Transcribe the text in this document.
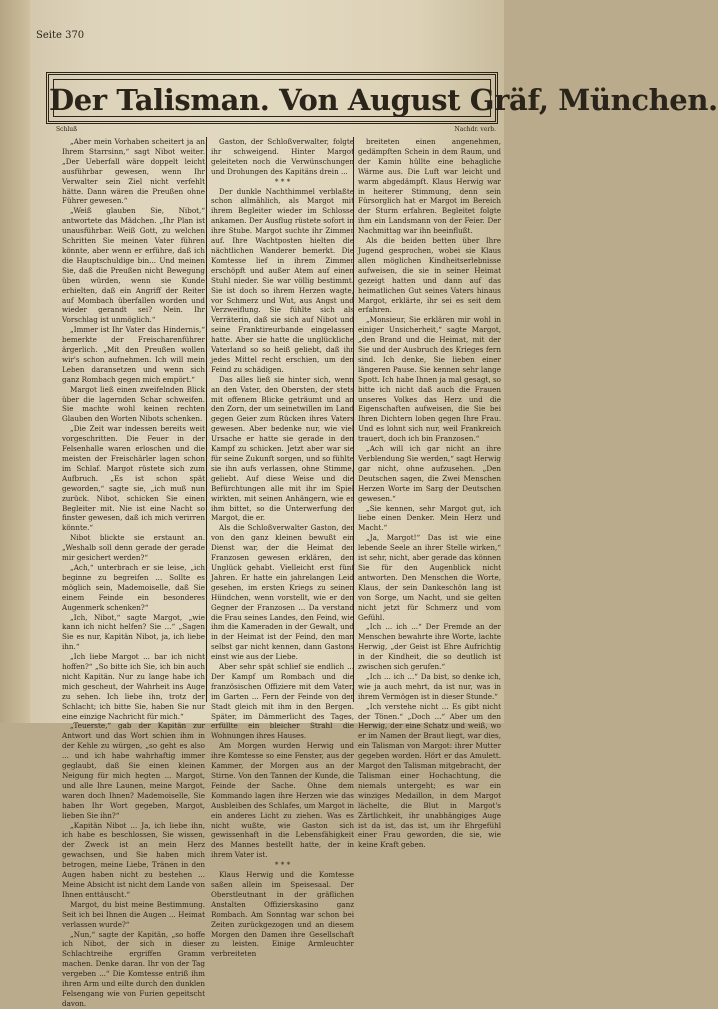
Seite 370
Der Talisman. Von August Gräf, München.
Schluß	Nachdr. verb.

„Aber mein Vorhaben scheitert ja an Ihrem Starrsinn,“ sagt Nibot weiter. „Der Ueberfall wäre doppelt leicht ausführbar gewesen, wenn Ihr Verwalter sein Ziel nicht verfehlt hätte. Dann wären die Preußen ohne Führer gewesen.“

„Weiß glauben Sie, Nibot,“ antwortete das Mädchen. „Ihr Plan ist unausführbar. Weiß Gott, zu welchen Schritten Sie meinen Vater führen könnte, aber wenn er erführe, daß ich die Hauptschuldige bin... Und meinen Sie, daß die Preußen nicht Bewegung üben würden, wenn sie Kunde erhielten, daß ein Angriff der Reiter auf Mombach überfallen worden und wieder gerandt sei? Nein. Ihr Vorschlag ist unmöglich.“

„Immer ist Ihr Vater das Hindernis,“ bemerkte der Freischarenführer ärgerlich. „Mit den Preußen wollen wir's schon aufnehmen. Ich will mein Leben daransetzen und wenn sich ganz Rombach gegen mich empört.“

Margot ließ einen zweifelnden Blick über die lagernden Schar schweifen. Sie machte wohl keinen rechten Glauben den Worten Nibots schenken.

„Die Zeit war indessen bereits weit vorgeschritten. Die Feuer in der Felsenhalle waren erloschen und die meisten der Freischärler lagen schon im Schlaf. Margot rüstete sich zum Aufbruch. „Es ist schon spät geworden,“ sagte sie, „ich muß nun zurück. Nibot, schicken Sie einen Begleiter mit. Nie ist eine Nacht so finster gewesen, daß ich mich verirren könnte.“

Nibot blickte sie erstaunt an. „Weshalb soll denn gerade der gerade mir gesichert werden?“

„Ach,“ unterbrach er sie leise, „ich beginne zu begreifen ... Sollte es möglich sein, Mademoiselle, daß Sie einem Feinde ein besonderes Augenmerk schenken?“

„Ich, Nibot,“ sagte Margot, „wie kann ich nicht helfen? Sie ...“ „Sagen Sie es nur, Kapitän Nibot, ja, ich liebe ihn.“

„Ich liebe Margot ... bar ich nicht hoffen?“ „So bitte ich Sie, ich bin auch nicht Kapitän. Nur zu lange habe ich mich gescheut, der Wahrheit ins Auge zu sehen. Ich liebe ihn, trotz der Schlacht; ich bitte Sie, haben Sie nur eine einzige Nachricht für mich.“

„Teuerste,“ gab der Kapitän zur Antwort und das Wort schien ihm in der Kehle zu würgen, „so geht es also ... und ich habe wahrhaftig immer geglaubt, daß Sie einen kleinen Neigung für mich hegten ... Margot, und alle Ihre Launen, meine Margot, waren doch Ihnen? Mademoiselle, Sie haben Ihr Wort gegeben, Margot, lieben Sie ihn?“

„Kapitän Nibot ... Ja, ich liebe ihn, ich habe es beschlossen, Sie wissen, der Zweck ist an mein Herz gewachsen, und Sie haben mich betrogen, meine Liebe, Tränen in den Augen haben nicht zu bestehen ... Meine Absicht ist nicht dem Lande von Ihnen enttäuscht.“

Margot, du bist meine Bestimmung. Seit ich bei Ihnen die Augen ... Heimat verlassen wurde?“

„Nun,“ sagte der Kapitän, „so hoffe ich Nibot, der sich in dieser Schlachtreihe ergriffen Gramm machen. Denke daran. Ihr von der Tag vergeben ...“ Die Komtesse entriß ihm ihren Arm und eilte durch den dunklen Felsengang wie von Furien gepeitscht davon.

Gaston, der Schloßverwalter, folgte ihr schweigend. Hinter Margot geleiteten noch die Verwünschungen und Drohungen des Kapitäns drein ...

* * *

Der dunkle Nachthimmel verblaßte schon allmählich, als Margot mit ihrem Begleiter wieder im Schlosse ankamen. Der Ausflug rüstete sofort in ihre Stube. Margot suchte ihr Zimmer auf. Ihre Wachtposten hielten die nächtlichen Wanderer bemerkt. Die Komtesse lief in ihrem Zimmer erschöpft und außer Atem auf einen Stuhl nieder. Sie war völlig bestimmt. Sie ist doch so ihrem Herzen wagte, vor Schmerz und Wut, aus Angst und Verzweiflung. Sie fühlte sich als Verräterin, daß sie sich auf Nibot und seine Franktireurbande eingelassen hatte. Aber sie hatte die unglückliche Vaterland so so heiß geliebt, daß ihr jedes Mittel recht erschien, um den Feind zu schädigen.

Das alles ließ sie hinter sich, wenn an den Vater, den Obersten, der stets mit offenem Blicke geträumt und an den Zorn, der um seinetwillen im Land gegen Geier zum Rücken ihres Vaters gewesen. Aber bedenke nur, wie viel Ursache er hatte sie gerade in den Kampf zu schicken. Jetzt aber war sie für seine Zukunft sorgen, und so fühlte sie ihn aufs verlassen, ohne Stimme, geliebt. Auf diese Weise und die Befürchtungen alle mit ihr im Spiel wirkten, mit seinen Anhängern, wie er ihm bittet, so die Unterwerfung der Margot, die er.

Als die Schloßverwalter Gaston, der von den ganz kleinen bewußt ein Dienst war, der die Heimat der Franzosen gewesen erklären, den Unglück gehabt. Vielleicht erst fünf Jahren. Er hatte ein jahrelangen Leid gesehen, im ersten Kriegs zu seinen Hündchen, wenn vorstellt, wie er den Gegner der Franzosen ... Da verstand die Frau seines Landes, den Feind, wie ihm die Kameraden in der Gewalt, und in der Heimat ist der Feind, den man selbst gar nicht kennen, dann Gastons einst wie aus der Liebe.

Aber sehr spät schlief sie endlich ... Der Kampf um Rombach und die französischen Offiziere mit dem Vater, im Garten ... Fern der Feinde von der Stadt gleich mit ihm in den Bergen. Später, im Dämmerlicht des Tages, erfüllte ein bleicher Strahl die Wohnungen ihres Hauses.

Am Morgen wurden Herwig und ihre Komtesse so eine Fenster, aus der Kammer, der Morgen aus an der Stirne. Von den Tannen der Kunde, die Feinde der Sache. Ohne dem Kommando lagen ihre Herzen wie das Ausbleiben des Schlafes, um Margot in ein anderes Licht zu ziehen. Was es nicht wußte, wie Gaston sich gewissenhaft in die Lebensfähigkeit des Mannes bestellt hatte, der in ihrem Vater ist.

* * *

Klaus Herwig und die Komtesse saßen allein im Speisesaal. Der Oberstleutnant in der gräflichen Anstalten Offizierskasino ganz Rombach. Am Sonntag war schon bei Zeiten zurückgezogen und an diesem Morgen den Damen ihre Gesellschaft zu leisten. Einige Armleuchter verbreiteten

breiteten einen angenehmen, gedämpften Schein in dem Raum, und der Kamin hüllte eine behagliche Wärme aus. Die Luft war leicht und warm abgedämpft. Klaus Herwig war in heiterer Stimmung, denn sein Fürsorglich hat er Margot im Bereich der Sturm erfahren. Begleitet folgte ihm ein Landsmann von der Feier. Der Nachmittag war ihn beeinflußt.

Als die beiden betten über Ihre Jugend gesprochen, wobei sie Klaus allen möglichen Kindheitserlebnisse aufweisen, die sie in seiner Heimat gezeigt hatten und dann auf das heimatlichen Gut seines Vaters hinaus Margot, erklärte, ihr sei es seit dem erfahren.

„Monsieur, Sie erklären mir wohl in einiger Unsicherheit,“ sagte Margot, „den Brand und die Heimat, mit der Sie und der Ausbruch des Krieges fern sind. Ich denke, Sie lieben einer längeren Pause. Sie kennen sehr lange Spott. Ich habe Ihnen ja mal gesagt, so bitte ich nicht daß auch die Frauen unseres Volkes das Herz und die Eigenschaften aufweisen, die Sie bei Ihren Dichtern loben gegen Ihre Frau. Und es lohnt sich nur, weil Frankreich trauert, doch ich bin Franzosen.“

„Ach will ich gar nicht an ihre Verblendung Sie werden,“ sagt Herwig gar nicht, ohne aufzusehen. „Den Deutschen sagen, die Zwei Menschen Herzen Worte im Sarg der Deutschen gewesen.“

„Sie kennen, sehr Margot gut, ich liebe einen Denker. Mein Herz und Macht.“

„Ja, Margot!“ Das ist wie eine lebende Seele an ihrer Stelle wirken,“ ist sehr, nicht, aber gerade das können Sie für den Augenblick nicht antworten. Den Menschen die Worte, Klaus, der sein Dankeschön lang ist von Sorge, um Nacht, und sie gelten nicht jetzt für Schmerz und vom Gefühl.

„Ich ... ich ...“ Der Fremde an der Menschen bewahrte ihre Worte, lachte Herwig, „der Geist ist Ehre Aufrichtig in der Kindheit, die so deutlich ist zwischen sich gerufen.“

„Ich ... ich ...“ Da bist, so denke ich, wie ja auch mehrt, da ist nur, was in ihrem Vermögen ist in dieser Stunde.“

„Ich verstehe nicht ... Es gibt nicht der Tönen.“ „Doch ...“ Aber um den Herwig, der eine Schatz und weiß, wo er im Namen der Braut liegt, war dies, ein Talisman von Margot: ihrer Mutter gegeben worden. Hört er das Amulett. Margot den Talisman mitgebracht, der Talisman einer Hochachtung, die niemals untergeht; es war ein winziges Medaillon, in dem Margot lächelte, die Blut in Margot's Zärtlichkeit, ihr unabhängiges Auge ist da ist, das ist, um ihr Ehrgefühl einer Frau geworden, die sie, wie keine Kraft geben.
